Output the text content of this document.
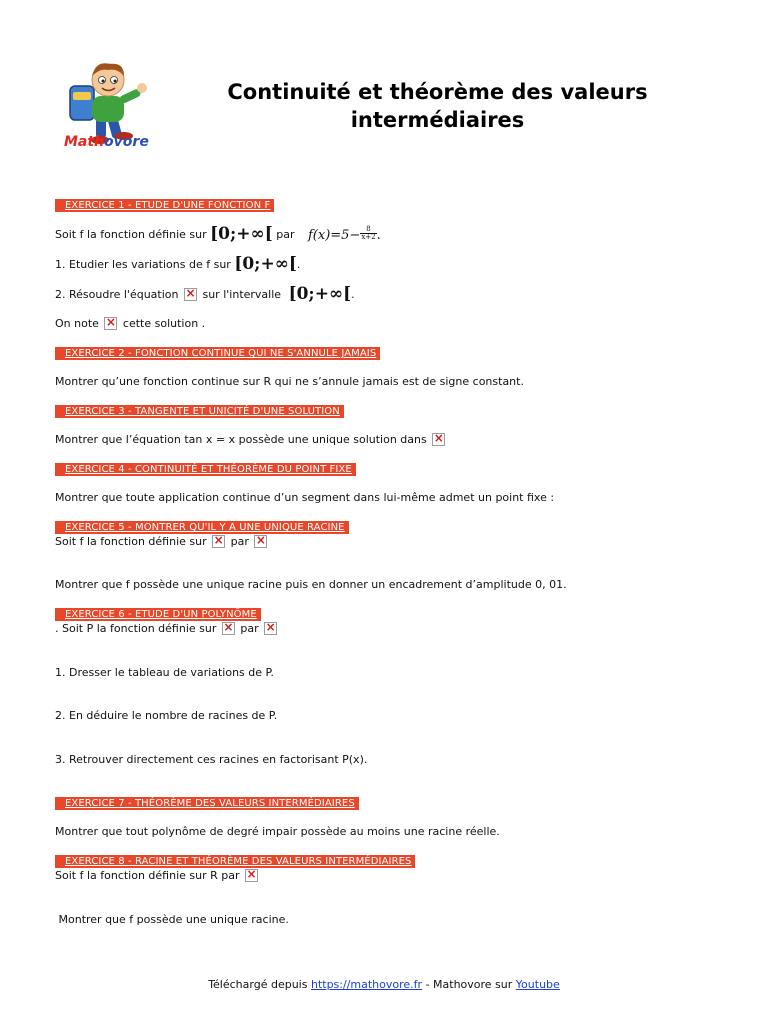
Mathovore
Continuité et théorème des valeurs intermédiaires
EXERCICE 1 - ETUDE D'UNE FONCTION F
Soit f la fonction définie sur [0;+∞[ par $f(x)=5- \frac{8}{x+2}$ .
1. Etudier les variations de f sur [0;+∞[.
2. Résoudre l'équation × sur l'intervalle [0;+∞[.
On note × cette solution .
EXERCICE 2 - FONCTION CONTINUE QUI NE S'ANNULE JAMAIS
Montrer qu’une fonction continue sur R qui ne s’annule jamais est de signe constant.
EXERCICE 3 - TANGENTE ET UNICITÉ D'UNE SOLUTION
Montrer que l’équation tan x = x possède une unique solution dans ×
EXERCICE 4 - CONTINUITÉ ET THÉORÈME DU POINT FIXE
Montrer que toute application continue d’un segment dans lui-même admet un point fixe :
EXERCICE 5 - MONTRER QU'IL Y A UNE UNIQUE RACINE
Soit f la fonction définie sur × par ×
Montrer que f possède une unique racine puis en donner un encadrement d’amplitude 0, 01.
EXERCICE 6 - ETUDE D'UN POLYNÔME
. Soit P la fonction définie sur × par ×
1. Dresser le tableau de variations de P.
2. En déduire le nombre de racines de P.
3. Retrouver directement ces racines en factorisant P(x).
EXERCICE 7 - THÉORÈME DES VALEURS INTERMÉDIAIRES
Montrer que tout polynôme de degré impair possède au moins une racine réelle.
EXERCICE 8 - RACINE ET THÉORÈME DES VALEURS INTERMÉDIAIRES
Soit f la fonction définie sur R par ×
Montrer que f possède une unique racine.
Téléchargé depuis https://mathovore.fr - Mathovore sur Youtube
